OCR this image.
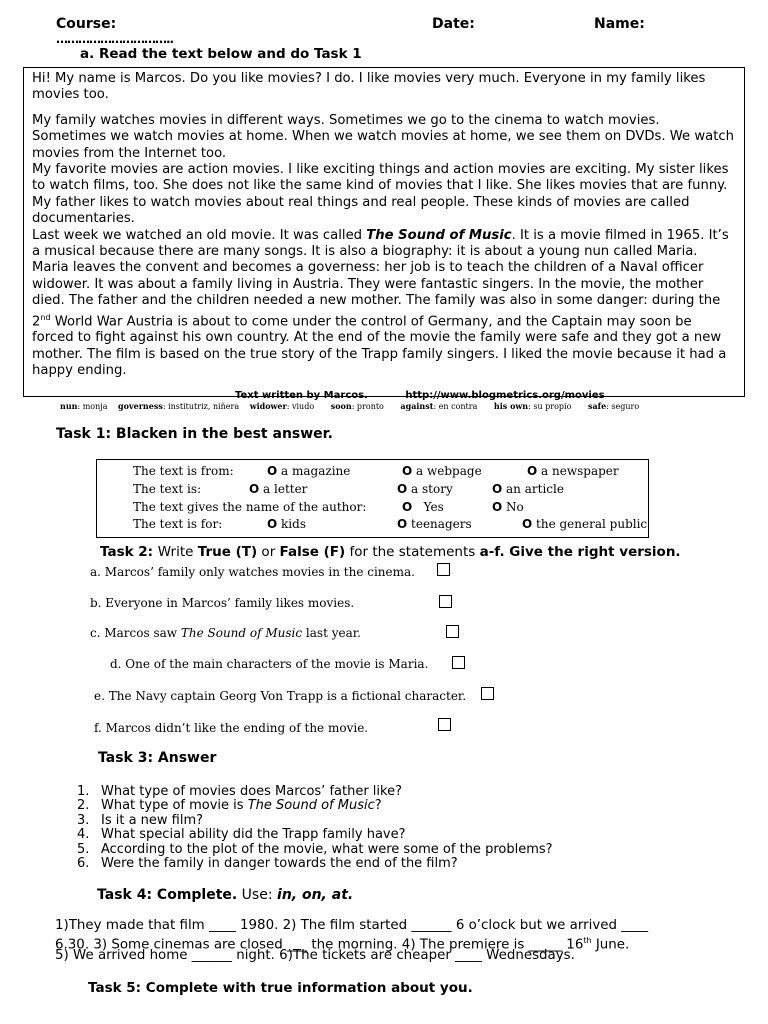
Course:	Date:	Name:
…………………………..
a. Read the text below and do Task 1

Hi! My name is Marcos. Do you like movies? I do. I like movies very much. Everyone in my family likes movies too.

My family watches movies in different ways. Sometimes we go to the cinema to watch movies. Sometimes we watch movies at home. When we watch movies at home, we see them on DVDs. We watch movies from the Internet too.

My favorite movies are action movies. I like exciting things and action movies are exciting. My sister likes to watch films, too. She does not like the same kind of movies that I like. She likes movies that are funny. My father likes to watch movies about real things and real people. These kinds of movies are called documentaries.

Last week we watched an old movie. It was called The Sound of Music. It is a movie filmed in 1965. It’s a musical because there are many songs. It is also a biography: it is about a young nun called Maria. Maria leaves the convent and becomes a governess: her job is to teach the children of a Naval officer widower. It was about a family living in Austria. They were fantastic singers. In the movie, the mother died. The father and the children needed a new mother. The family was also in some danger: during the 2nd World War Austria is about to come under the control of Germany, and the Captain may soon be forced to fight against his own country. At the end of the movie the family were safe and they got a new mother. The film is based on the true story of the Trapp family singers. I liked the movie because it had a happy ending.

Text written by Marcos.	http://www.blogmetrics.org/movies
nun: monja governess: institutriz, niñera widower: viudo soon: pronto against: en contra his own: su propio safe: seguro
Task 1: Blacken in the best answer.
The text is from:	O a magazine	O a webpage	O a newspaper
The text is:	O a letter	O a story	O an article
The text gives the name of the author:	O   Yes	O No
The text is for:	O kids	O teenagers	O the general public
Task 2: Write True (T) or False (F) for the statements a-f. Give the right version.
a. Marcos’ family only watches movies in the cinema.
b. Everyone in Marcos’ family likes movies.
c. Marcos saw The Sound of Music last year.
d. One of the main characters of the movie is Maria.
e. The Navy captain Georg Von Trapp is a fictional character.
f. Marcos didn’t like the ending of the movie.
Task 3: Answer
1. What type of movies does Marcos’ father like?
2. What type of movie is The Sound of Music?
3. Is it a new film?
4. What special ability did the Trapp family have?
5. According to the plot of the movie, what were some of the problems?
6. Were the family in danger towards the end of the film?
Task 4: Complete. Use: in, on, at.
1)They made that film ____ 1980. 2) The film started ______ 6 o’clock but we arrived ____
6.30. 3) Some cinemas are closed ___ the morning. 4) The premiere is _____ 16th June.
5) We arrived home ______ night. 6)The tickets are cheaper ____ Wednesdays.
Task 5: Complete with true information about you.
